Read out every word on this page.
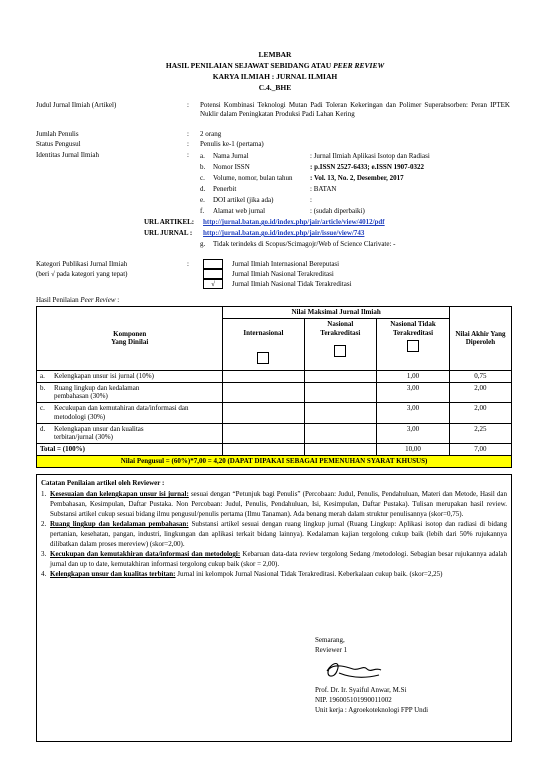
LEMBAR
HASIL PENILAIAN SEJAWAT SEBIDANG ATAU PEER REVIEW
KARYA ILMIAH : JURNAL ILMIAH
C.4._BHE
Judul Jurnal Ilmiah (Artikel)	: Potensi Kombinasi Teknologi Mutan Padi Toleran Kekeringan dan Polimer Superabsorben: Peran IPTEK Nuklir dalam Peningkatan Produksi Padi Lahan Kering
Jumlah Penulis	: 2 orang
Status Pengusul	: Penulis ke-1 (pertama)
Identitas Jurnal Ilmiah	: a. Nama Jurnal	: Jurnal Ilmiah Aplikasi Isotop dan Radiasi
b. Nomor ISSN	: p.ISSN 2527-6433; e.ISSN 1907-0322
c. Volume, nomor, bulan tahun	: Vol. 13, No. 2, Desember, 2017
d. Penerbit	: BATAN
e. DOI artikel (jika ada)	:
f. Alamat web jurnal	: (sudah diperbaiki)
URL ARTIKEL: http://jurnal.batan.go.id/index.php/jair/article/view/4012/pdf
URL JURNAL : http://jurnal.batan.go.id/index.php/jair/issue/view/743
g. Tidak terindeks di Scopus/Scimagojr/Web of Science Clarivate: -
Kategori Publikasi Jurnal Ilmiah
(beri √ pada kategori yang tepat)
:
√
Jurnal Ilmiah Internasional Bereputasi
Jurnal Ilmiah Nasional Terakreditasi
Jurnal Ilmiah Nasional Tidak Terakreditasi
Hasil Penilaian Peer Review :
Komponen
Yang Dinilai	Nilai Maksimal Jurnal Ilmiah			Nilai Akhir Yang Diperoleh

	Internasional	Nasional Terakreditasi	Nasional Tidak Terakreditasi	

a. Kelengkapan unsur isi jurnal (10%)			1,00	0,75

b. Ruang lingkup dan kedalaman pembahasan (30%)			3,00	2,00

c. Kecukupan dan kemutahiran data/informasi dan metodologi (30%)			3,00	2,00

d. Kelengkapan unsur dan kualitas terbitan/jurnal (30%)			3,00	2,25
Total = (100%)			10,00	7,00
Nilai Pengusul = (60%)*7,00 = 4,20 (DAPAT DIPAKAI SEBAGAI PEMENUHAN SYARAT KHUSUS)				
Catatan Penilaian artikel oleh Reviewer :
1. Kesesuaian dan kelengkapan unsur isi jurnal: sesuai dengan “Petunjuk bagi Penulis” (Percobaan: Judul, Penulis, Pendahuluan, Materi dan Metode, Hasil dan Pembahasan, Kesimpulan, Daftar Pustaka. Non Percobaan: Judul, Penulis, Pendahuluan, Isi, Kesimpulan, Daftar Pustaka). Tulisan merupakan hasil review. Substansi artikel cukup sesuai bidang ilmu pengusul/penulis pertama (Ilmu Tanaman). Ada benang merah dalam struktur penulisannya (skor=0,75).
2. Ruang lingkup dan kedalaman pembahasan: Substansi artikel sesuai dengan ruang lingkup jurnal (Ruang Lingkup: Aplikasi isotop dan radiasi di bidang pertanian, kesehatan, pangan, industri, lingkungan dan aplikasi terkait bidang lainnya). Kedalaman kajian tergolong cukup baik (lebih dari 50% rujukannya dilibatkan dalam proses mereview) (skor=2,00).
3. Kecukupan dan kemutakhiran data/informasi dan metodologi: Kebaruan data-data review tergolong Sedang /metodologi. Sebagian besar rujukannya adalah jurnal dan up to date, kemutakhiran informasi tergolong cukup baik (skor = 2,00).
4. Kelengkapan unsur dan kualitas terbitan: Jurnal ini kelompok Jurnal Nasional Tidak Terakreditasi. Keberkalaan cukup baik. (skor=2,25)
Semarang,
Reviewer 1
Prof. Dr. Ir. Syaiful Anwar, M.Si
NIP. 196005101990011002
Unit kerja : Agroekoteknologi FPP Undi
